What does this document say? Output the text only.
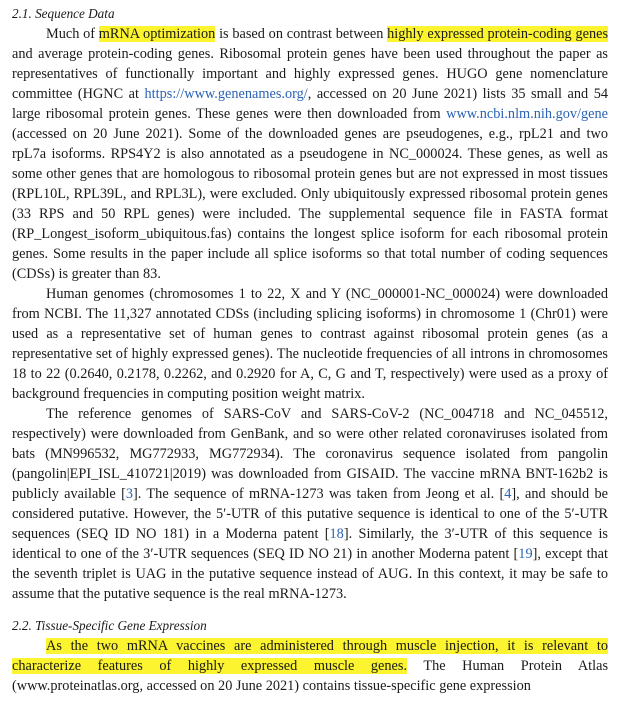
2.1. Sequence Data

Much of mRNA optimization is based on contrast between highly expressed protein-coding genes and average protein-coding genes. Ribosomal protein genes have been used throughout the paper as representatives of functionally important and highly expressed genes. HUGO gene nomenclature committee (HGNC at https://www.genenames.org/, accessed on 20 June 2021) lists 35 small and 54 large ribosomal protein genes. These genes were then downloaded from www.ncbi.nlm.nih.gov/gene (accessed on 20 June 2021). Some of the downloaded genes are pseudogenes, e.g., rpL21 and two rpL7a isoforms. RPS4Y2 is also annotated as a pseudogene in NC_000024. These genes, as well as some other genes that are homologous to ribosomal protein genes but are not expressed in most tissues (RPL10L, RPL39L, and RPL3L), were excluded. Only ubiquitously expressed ribosomal protein genes (33 RPS and 50 RPL genes) were included. The supplemental sequence file in FASTA format (RP_Longest_isoform_ubiquitous.fas) contains the longest splice isoform for each ribosomal protein genes. Some results in the paper include all splice isoforms so that total number of coding sequences (CDSs) is greater than 83.

Human genomes (chromosomes 1 to 22, X and Y (NC_000001-NC_000024) were downloaded from NCBI. The 11,327 annotated CDSs (including splicing isoforms) in chromosome 1 (Chr01) were used as a representative set of human genes to contrast against ribosomal protein genes (as a representative set of highly expressed genes). The nucleotide frequencies of all introns in chromosomes 18 to 22 (0.2640, 0.2178, 0.2262, and 0.2920 for A, C, G and T, respectively) were used as a proxy of background frequencies in computing position weight matrix.

The reference genomes of SARS-CoV and SARS-CoV-2 (NC_004718 and NC_045512, respectively) were downloaded from GenBank, and so were other related coronaviruses isolated from bats (MN996532, MG772933, MG772934). The coronavirus sequence isolated from pangolin (pangolin|EPI_ISL_410721|2019) was downloaded from GISAID. The vaccine mRNA BNT-162b2 is publicly available [3]. The sequence of mRNA-1273 was taken from Jeong et al. [4], and should be considered putative. However, the 5′-UTR of this putative sequence is identical to one of the 5′-UTR sequences (SEQ ID NO 181) in a Moderna patent [18]. Similarly, the 3′-UTR of this sequence is identical to one of the 3′-UTR sequences (SEQ ID NO 21) in another Moderna patent [19], except that the seventh triplet is UAG in the putative sequence instead of AUG. In this context, it may be safe to assume that the putative sequence is the real mRNA-1273.

2.2. Tissue-Specific Gene Expression

As the two mRNA vaccines are administered through muscle injection, it is relevant to characterize features of highly expressed muscle genes. The Human Protein Atlas (www.proteinatlas.org, accessed on 20 June 2021) contains tissue-specific gene expression
